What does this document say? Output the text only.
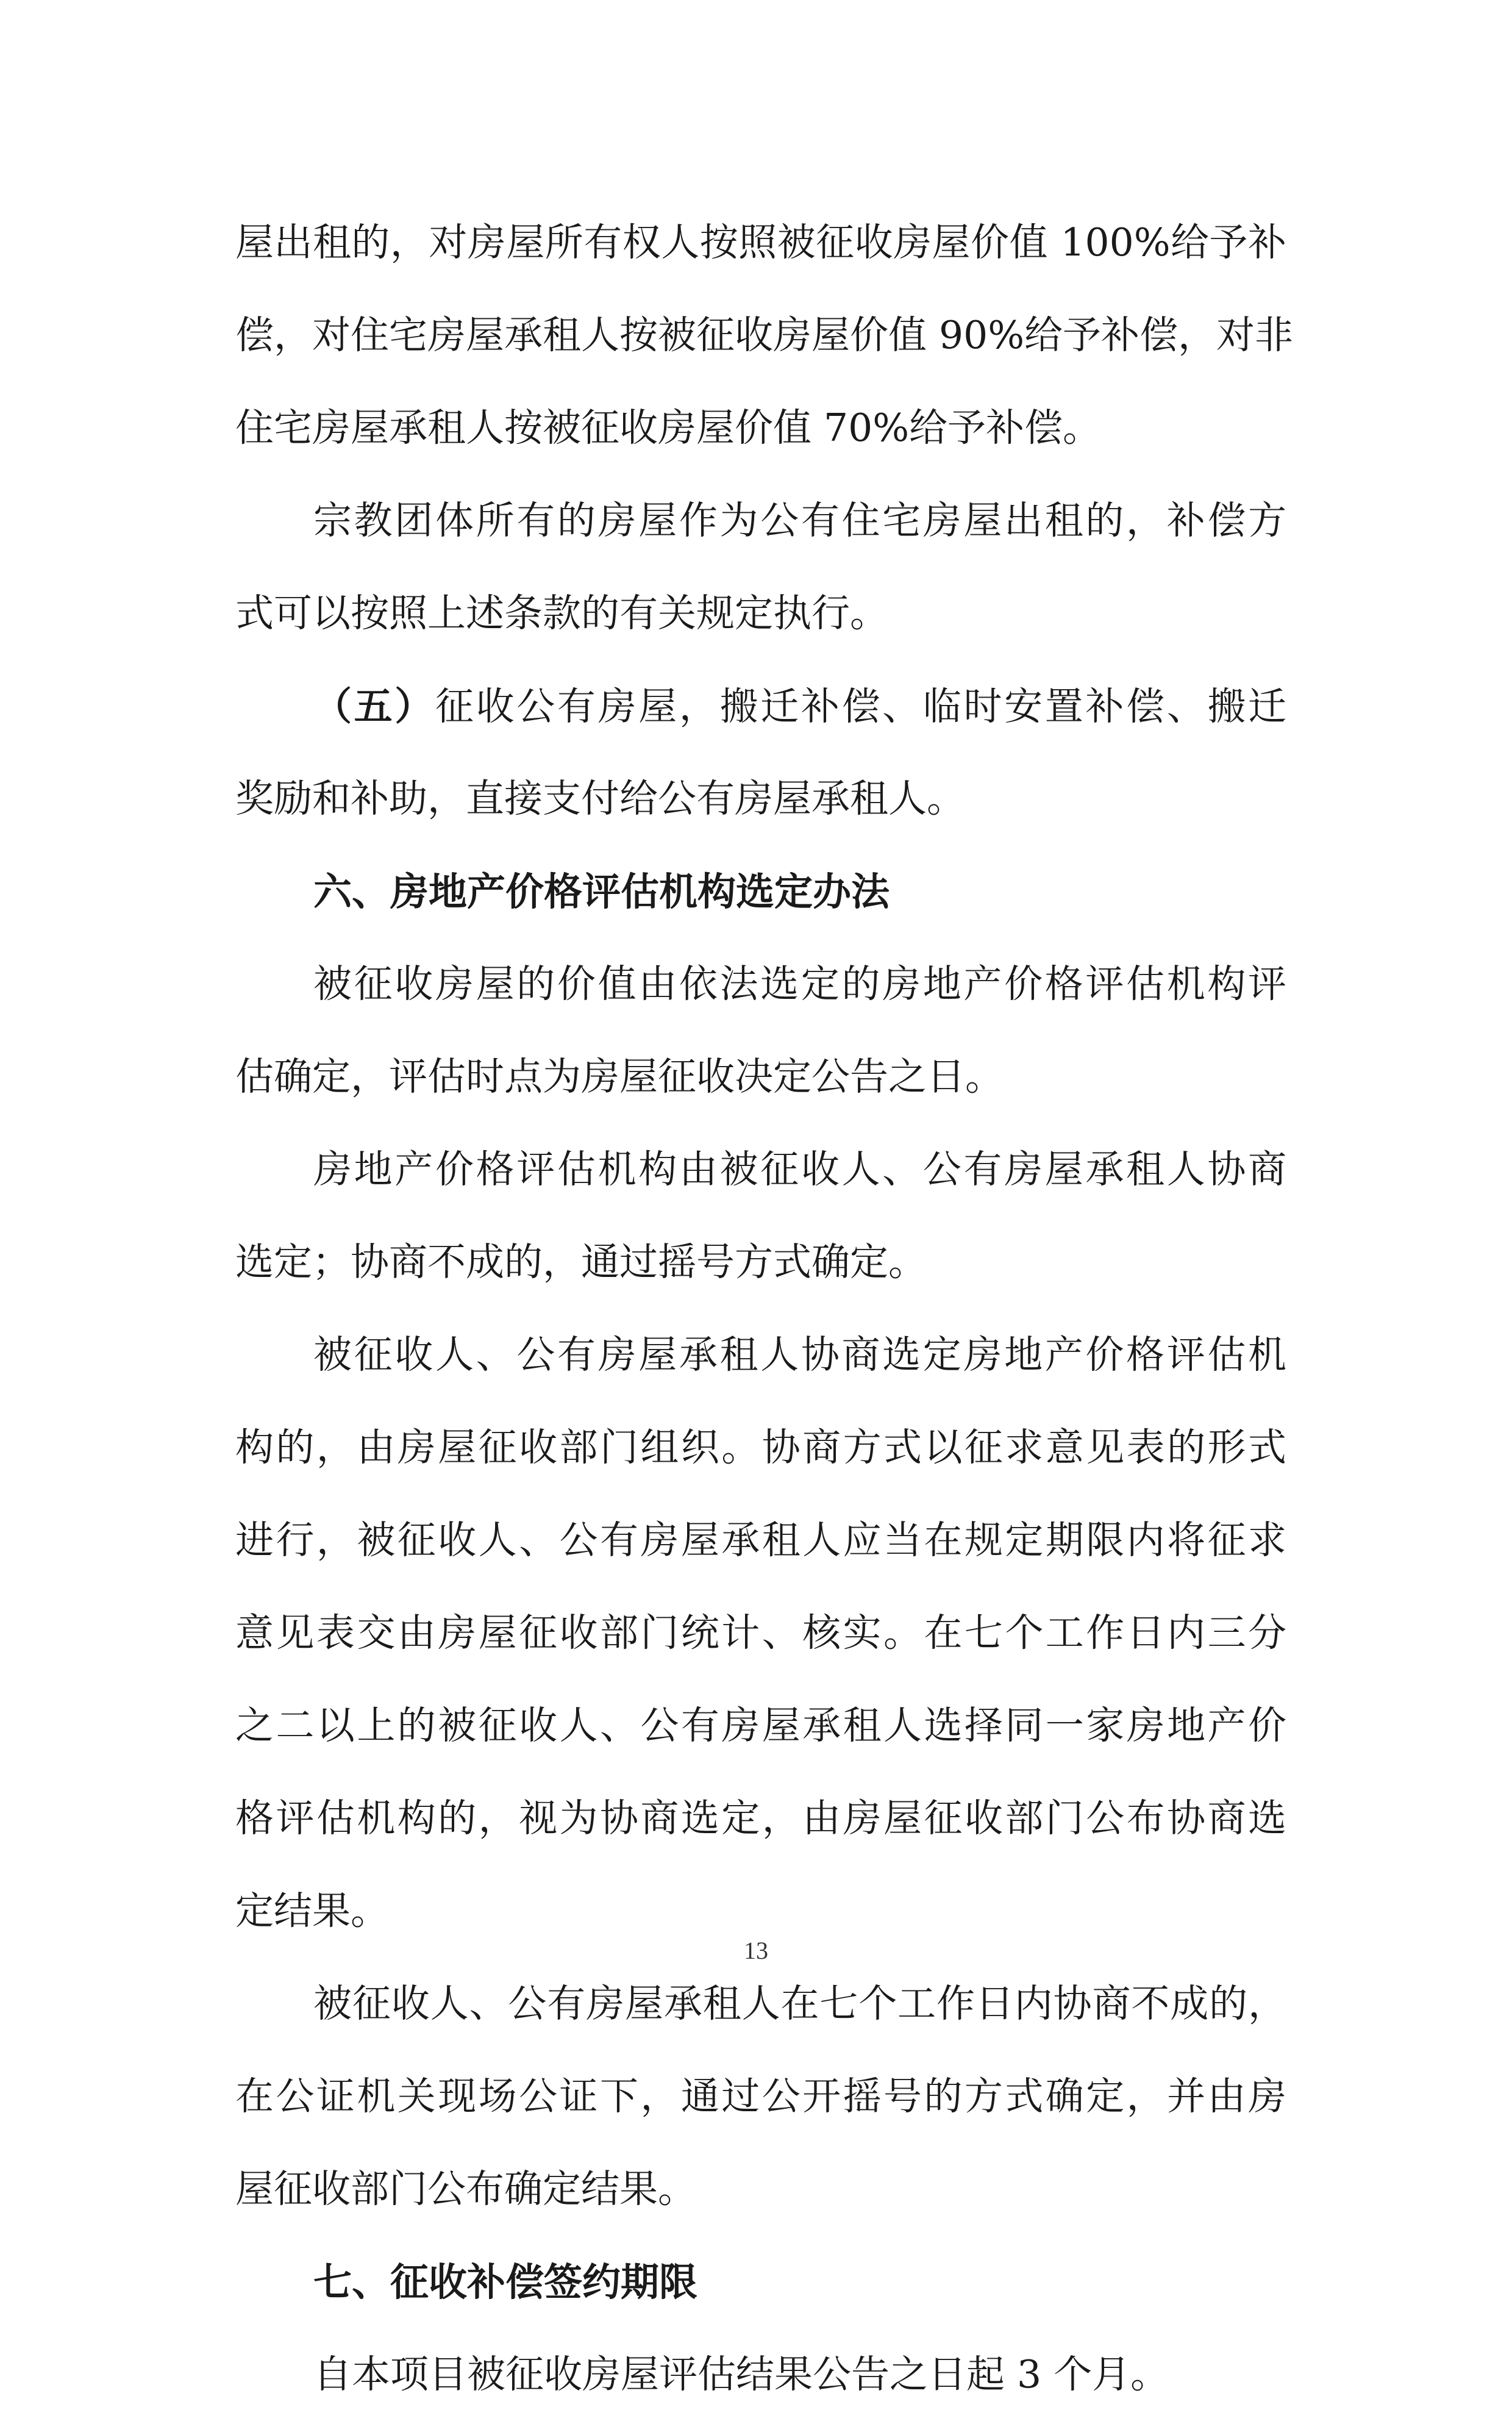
屋出租的，对房屋所有权人按照被征收房屋价值 100%给予补
偿，对住宅房屋承租人按被征收房屋价值 90%给予补偿，对非
住宅房屋承租人按被征收房屋价值 70%给予补偿。
宗教团体所有的房屋作为公有住宅房屋出租的，补偿方
式可以按照上述条款的有关规定执行。
（五）征收公有房屋，搬迁补偿、临时安置补偿、搬迁
奖励和补助，直接支付给公有房屋承租人。
六、房地产价格评估机构选定办法
被征收房屋的价值由依法选定的房地产价格评估机构评
估确定，评估时点为房屋征收决定公告之日。
房地产价格评估机构由被征收人、公有房屋承租人协商
选定；协商不成的，通过摇号方式确定。
被征收人、公有房屋承租人协商选定房地产价格评估机
构的，由房屋征收部门组织。协商方式以征求意见表的形式
进行，被征收人、公有房屋承租人应当在规定期限内将征求
意见表交由房屋征收部门统计、核实。在七个工作日内三分
之二以上的被征收人、公有房屋承租人选择同一家房地产价
格评估机构的，视为协商选定，由房屋征收部门公布协商选
定结果。
被征收人、公有房屋承租人在七个工作日内协商不成的，
在公证机关现场公证下，通过公开摇号的方式确定，并由房
屋征收部门公布确定结果。
七、征收补偿签约期限
自本项目被征收房屋评估结果公告之日起 3 个月。
13
